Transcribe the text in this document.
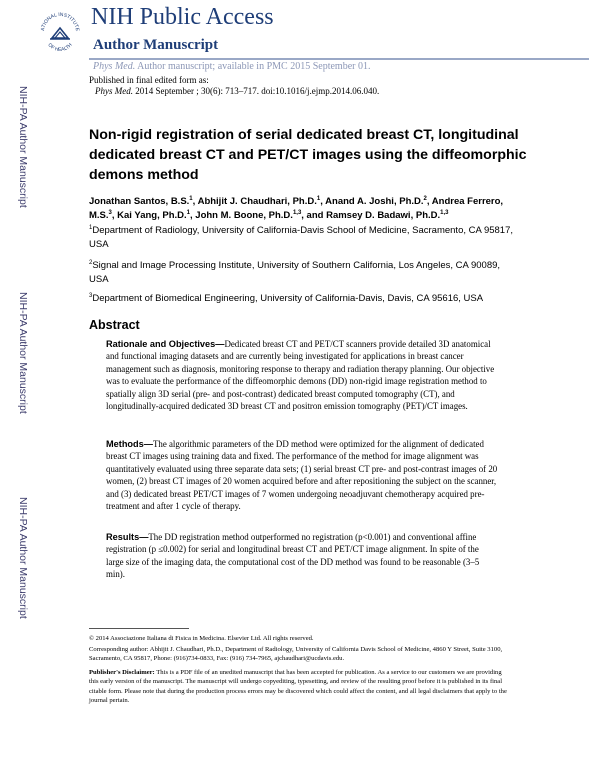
ATIONAL INSTITUTE
OF HEALTH
NIH Public Access
Author Manuscript
Phys Med. Author manuscript; available in PMC 2015 September 01.
Published in final edited form as:
Phys Med. 2014 September ; 30(6): 713–717. doi:10.1016/j.ejmp.2014.06.040.
NIH-PA Author Manuscript
NIH-PA Author Manuscript
NIH-PA Author Manuscript
Non-rigid registration of serial dedicated breast CT, longitudinal dedicated breast CT and PET/CT images using the diffeomorphic demons method
Jonathan Santos, B.S.$^1$, Abhijit J. Chaudhari, Ph.D.$^1$, Anand A. Joshi, Ph.D.$^2$, Andrea Ferrero, M.S.$^3$, Kai Yang, Ph.D.$^1$, John M. Boone, Ph.D.$^{1,3}$, and Ramsey D. Badawi, Ph.D.$^{1,3}$
$^1$Department of Radiology, University of California-Davis School of Medicine, Sacramento, CA 95817, USA
$^2$Signal and Image Processing Institute, University of Southern California, Los Angeles, CA 90089, USA
$^3$Department of Biomedical Engineering, University of California-Davis, Davis, CA 95616, USA
Abstract
Rationale and Objectives—Dedicated breast CT and PET/CT scanners provide detailed 3D anatomical and functional imaging datasets and are currently being investigated for applications in breast cancer management such as diagnosis, monitoring response to therapy and radiation therapy planning. Our objective was to evaluate the performance of the diffeomorphic demons (DD) non-rigid image registration method to spatially align 3D serial (pre- and post-contrast) dedicated breast computed tomography (CT), and longitudinally-acquired dedicated 3D breast CT and positron emission tomography (PET)/CT images.
Methods—The algorithmic parameters of the DD method were optimized for the alignment of dedicated breast CT images using training data and fixed. The performance of the method for image alignment was quantitatively evaluated using three separate data sets; (1) serial breast CT pre- and post-contrast images of 20 women, (2) breast CT images of 20 women acquired before and after repositioning the subject on the scanner, and (3) dedicated breast PET/CT images of 7 women undergoing neoadjuvant chemotherapy acquired pre-treatment and after 1 cycle of therapy.
Results—The DD registration method outperformed no registration (p<0.001) and conventional affine registration (p ≤0.002) for serial and longitudinal breast CT and PET/CT image alignment. In spite of the large size of the imaging data, the computational cost of the DD method was found to be reasonable (3–5 min).
© 2014 Associazione Italiana di Fisica in Medicina. Elsevier Ltd. All rights reserved.
Corresponding author: Abhijit J. Chaudhari, Ph.D., Department of Radiology, University of California Davis School of Medicine, 4860 Y Street, Suite 3100, Sacramento, CA 95817, Phone: (916)734-0833, Fax: (916) 734-7965, ajchaudhari@ucdavis.edu.
Publisher's Disclaimer: This is a PDF file of an unedited manuscript that has been accepted for publication. As a service to our customers we are providing this early version of the manuscript. The manuscript will undergo copyediting, typesetting, and review of the resulting proof before it is published in its final citable form. Please note that during the production process errors may be discovered which could affect the content, and all legal disclaimers that apply to the journal pertain.
